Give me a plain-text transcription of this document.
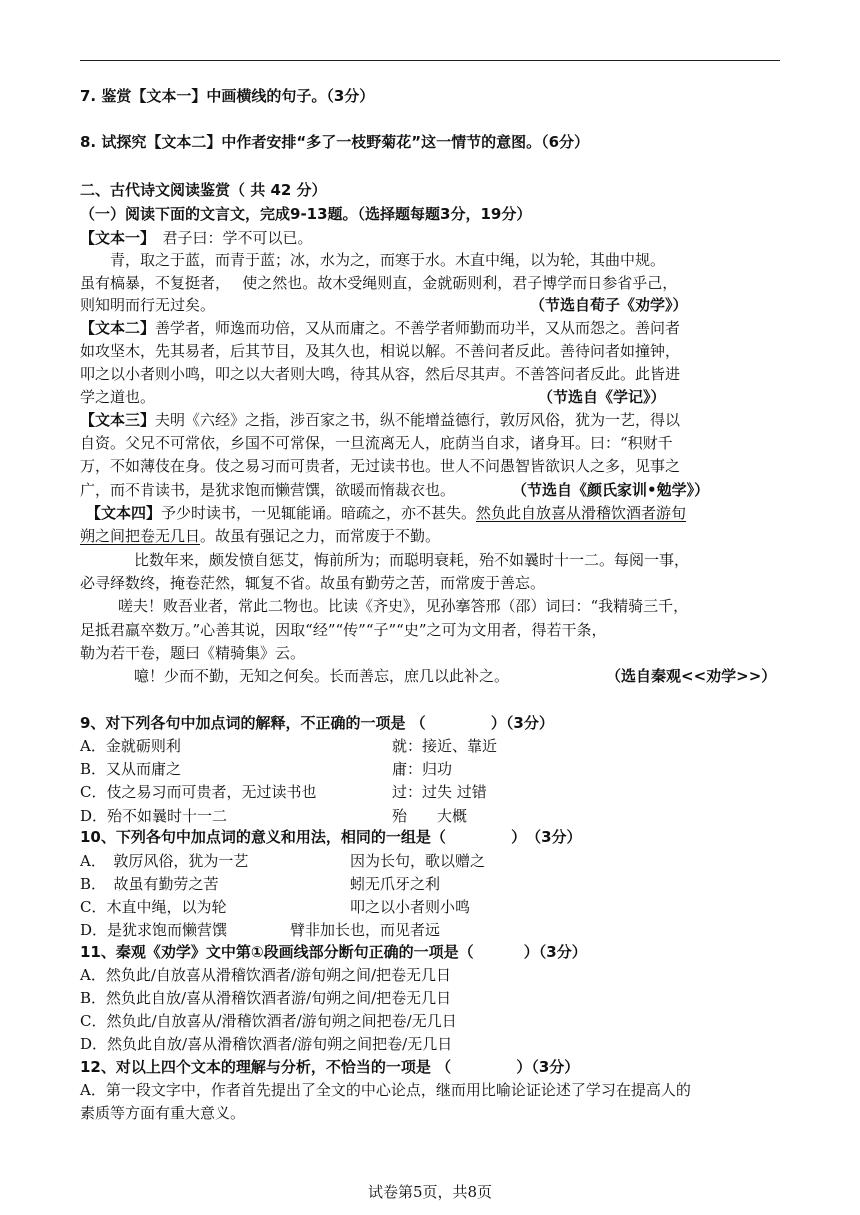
7. 鉴赏【文本一】中画横线的句子。（3分）
8. 试探究【文本二】中作者安排“多了一枝野菊花”这一情节的意图。（6分）
二、古代诗文阅读鉴赏（ 共 42 分）
（一）阅读下面的文言文，完成9-13题。（选择题每题3分，19分）
【文本一】　君子曰：学不可以已。
青，取之于蓝，而青于蓝；冰，水为之，而寒于水。木直中绳，以为轮，其曲中规。
虽有槁暴，不复挺者，　 使之然也。故木受绳则直，金就砺则利，君子博学而日参省乎己，
则知明而行无过矣。	（节选自荀子《劝学》）
【文本二】善学者，师逸而功倍，又从而庸之。不善学者师勤而功半，又从而怨之。善问者
如攻坚木，先其易者，后其节目，及其久也，相说以解。不善问者反此。善待问者如撞钟，
叩之以小者则小鸣，叩之以大者则大鸣，待其从容，然后尽其声。不善答问者反此。此皆进
学之道也。	（节选自《学记》）
【文本三】夫明《六经》之指，涉百家之书，纵不能增益德行，敦厉风俗，犹为一艺，得以
自资。父兄不可常依，乡国不可常保，一旦流离无人，庇荫当自求，诸身耳。曰：“积财千
万，不如薄伎在身。伎之易习而可贵者，无过读书也。世人不问愚智皆欲识人之多，见事之
广，而不肯读书，是犹求饱而懒营馔，欲暖而惰裁衣也。	（节选自《颜氏家训•勉学》）
【文本四】予少时读书，一见辄能诵。暗疏之，亦不甚失。然负此自放喜从滑稽饮酒者游旬
朔之间把卷无几日。故虽有强记之力，而常废于不勤。
比数年来，颇发愤自惩艾，悔前所为；而聪明衰耗，殆不如曩时十一二。每阅一事，
必寻绎数终，掩卷茫然，辄复不省。故虽有勤劳之苦，而常废于善忘。
嗟夫！败吾业者，常此二物也。比读《齐史》，见孙搴答邢（邵）词曰：“我精骑三千，
足抵君羸卒数万。”心善其说，因取“经”“传”“子”“史”之可为文用者，得若干条，
勒为若干卷，题曰《精骑集》云。
噫！少而不勤，无知之何矣。长而善忘，庶几以此补之。	（选自秦观<<劝学>>）
9、对下列各句中加点词的解释，不正确的一项是 （　　　　 ）（3分）
A．金就砺则利	就：接近、靠近
B．又从而庸之	庸：归功
C．伎之易习而可贵者，无过读书也	过：过失 过错
D．殆不如曩时十一二	殆　　大概
10、下列各句中加点词的意义和用法，相同的一组是（　　　　 ）　（3分）
A．　敦厉风俗，犹为一艺	因为长句，歌以赠之
B．　故虽有勤劳之苦	蚓无爪牙之利
C．木直中绳，以为轮	叩之以小者则小鸣
D．是犹求饱而懒营馔	臂非加长也，而见者远
11、秦观《劝学》文中第①段画线部分断句正确的一项是（　　　 ）（3分）
A．然负此/自放喜从滑稽饮酒者/游旬朔之间/把卷无几日
B．然负此自放/喜从滑稽饮酒者游/旬朔之间/把卷无几日
C．然负此/自放喜从/滑稽饮酒者/游旬朔之间把卷/无几日
D．然负此自放/喜从滑稽饮酒者/游旬朔之间把卷/无几日
12、对以上四个文本的理解与分析，不恰当的一项是 （　　　　 ）（3分）
A．第一段文字中，作者首先提出了全文的中心论点，继而用比喻论证论述了学习在提高人的
素质等方面有重大意义。
试卷第5页，共8页
